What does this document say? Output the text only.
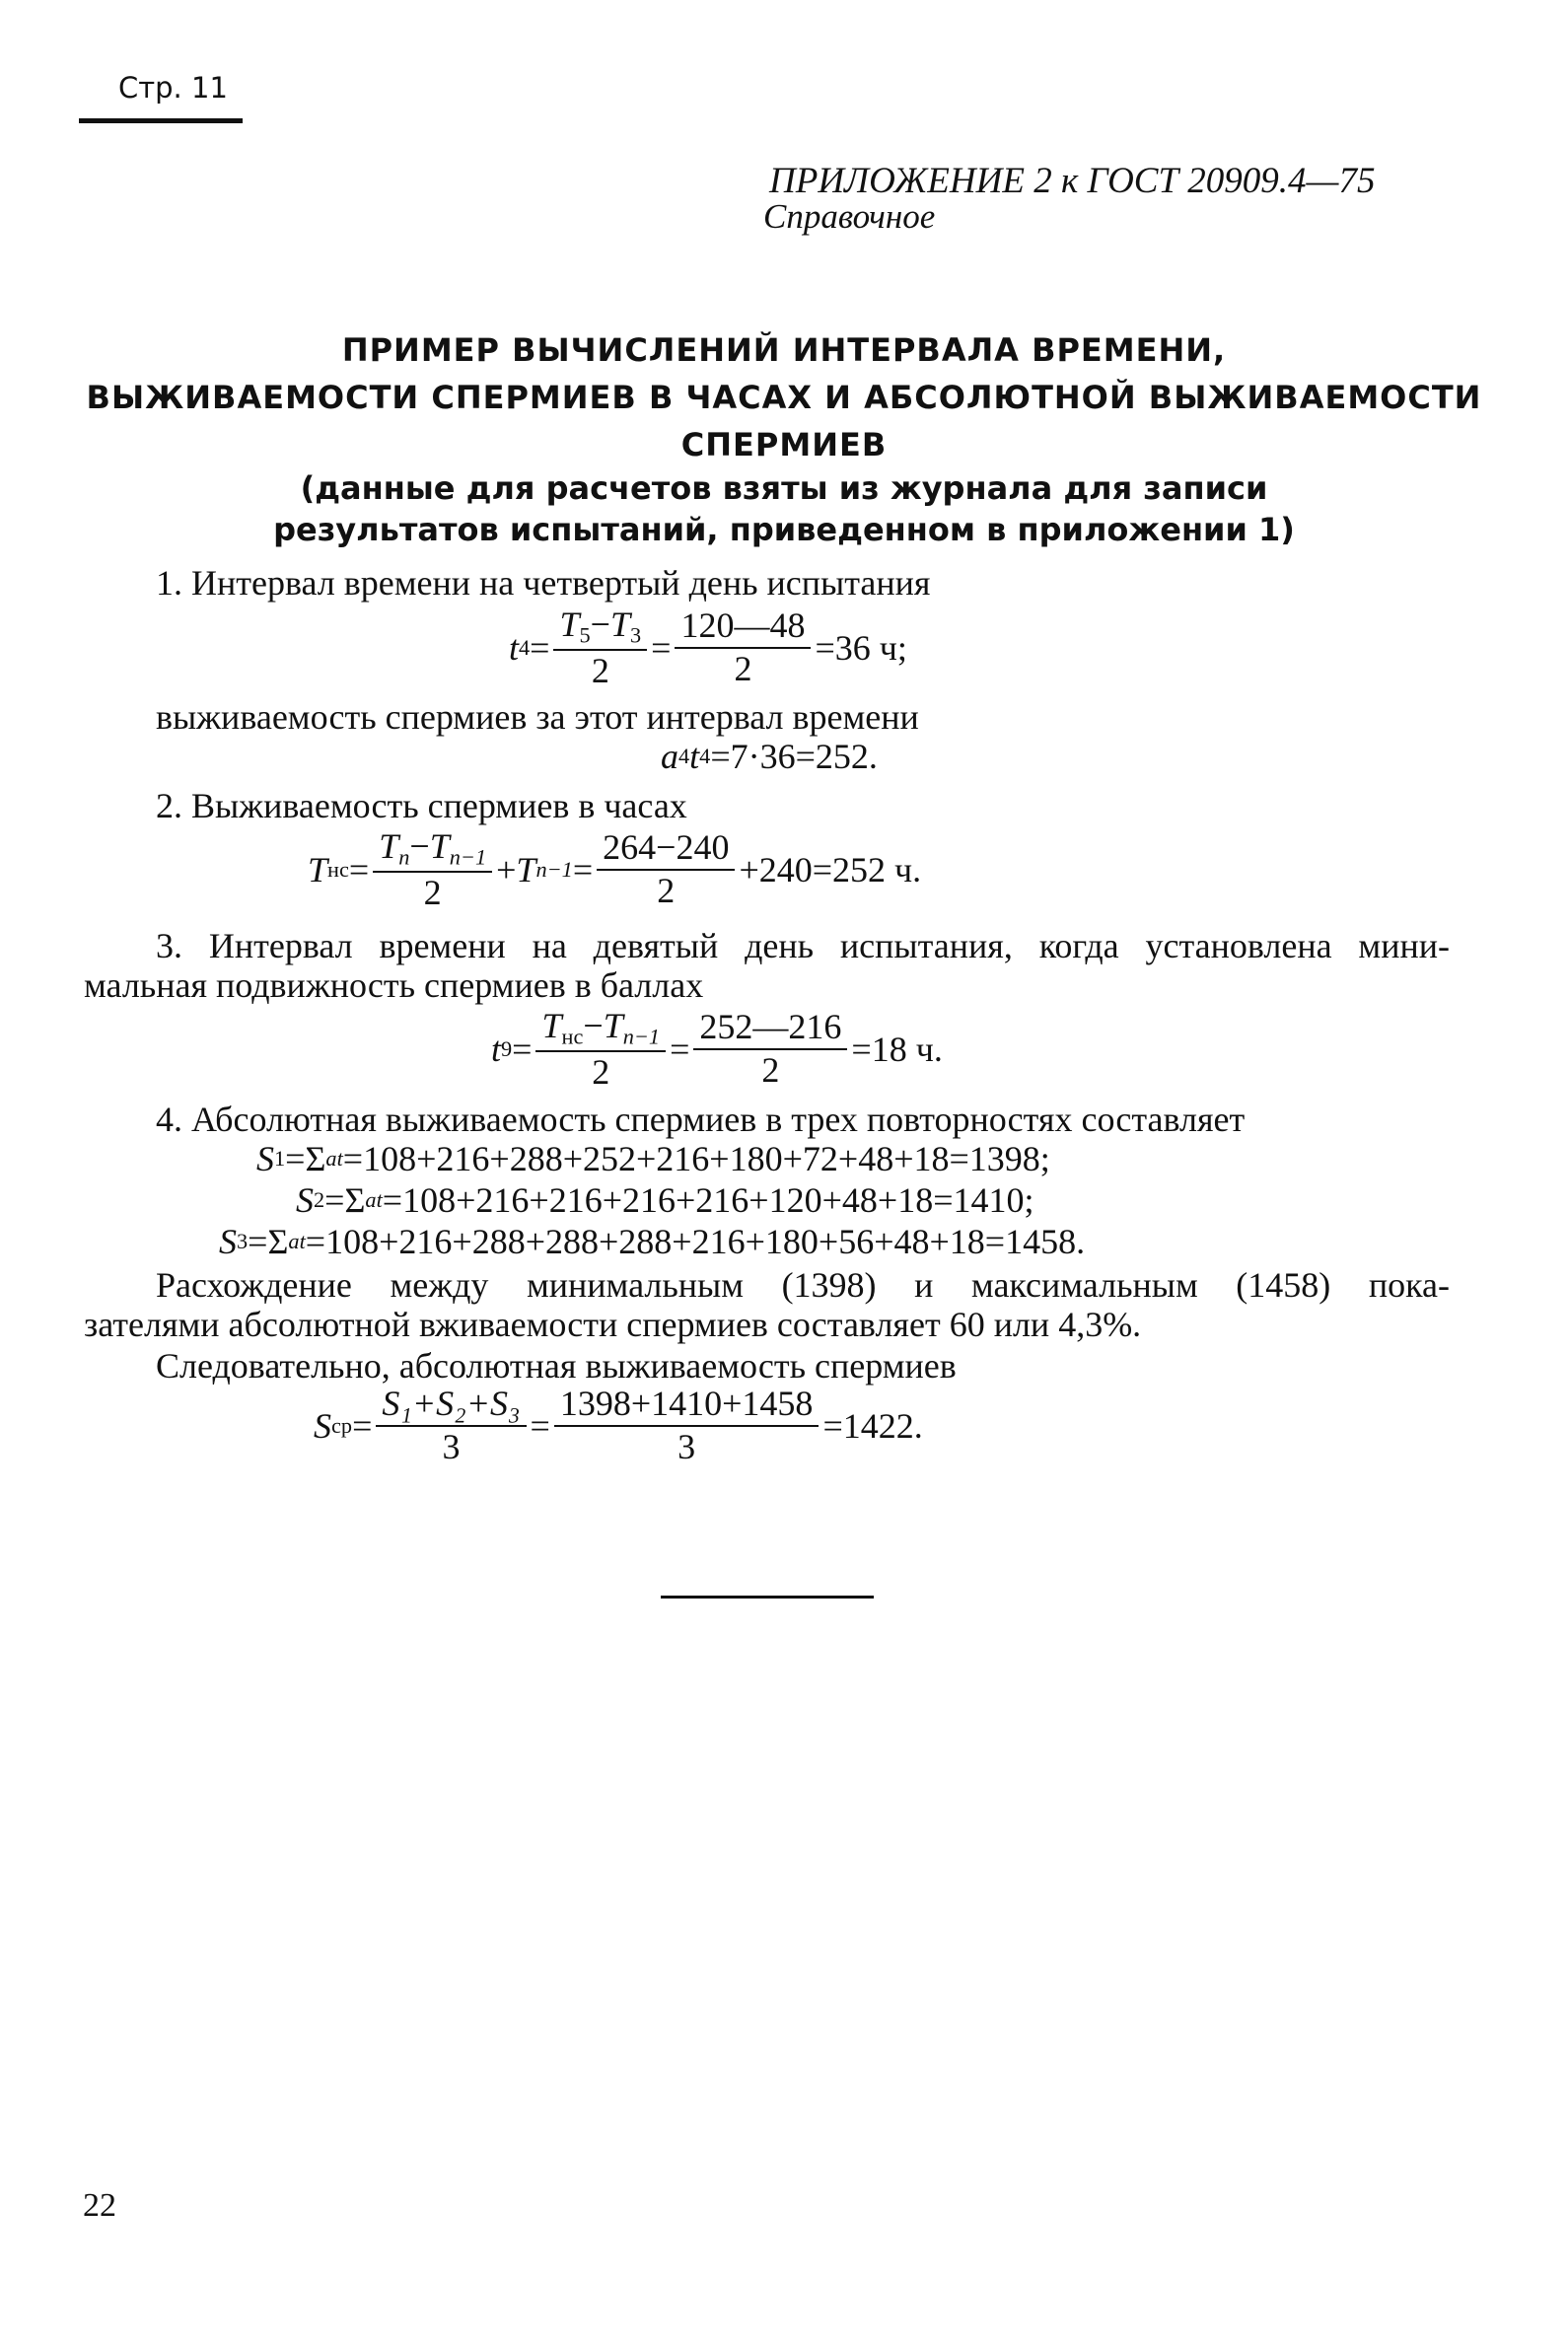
Стр. 11
ПРИЛОЖЕНИЕ 2 к ГОСТ 20909.4—75
Справочное
ПРИМЕР ВЫЧИСЛЕНИЙ ИНТЕРВАЛА ВРЕМЕНИ,
ВЫЖИВАЕМОСТИ СПЕРМИЕВ В ЧАСАХ И АБСОЛЮТНОЙ ВЫЖИВАЕМОСТИ
СПЕРМИЕВ
(данные для расчетов взяты из журнала для записи
результатов испытаний, приведенном в приложении 1)
1. Интервал времени на четвертый день испытания
t $4 = \frac{T_5-T_3}{2} = \frac{120—48}{2} =36$ ч;
выживаемость спермиев за этот интервал времени
a 4 t 4 =7·36=252.
2. Выживаемость спермиев в часах
T нс = $\frac{T_n-T_{n-1}}{2} + T$ $n-1 = \frac{264-240}{2} +240=252$ ч.
3. Интервал времени на девятый день испытания, когда установлена мини-
мальная подвижность спермиев в баллах
t $9 = \frac{T_{нс}-T_{n-1}}{2} = \frac{252—216}{2} =18$ ч.
4. Абсолютная выживаемость спермиев в трех повторностях составляет
S 1 =Σ at =108+216+288+252+216+180+72+48+18=1398;
S 2 =Σ at =108+216+216+216+216+120+48+18=1410;
S 3 =Σ at =108+216+288+288+288+216+180+56+48+18=1458.
Расхождение между минимальным (1398) и максимальным (1458) пока-
зателями абсолютной вживаемости спермиев составляет 60 или 4,3%.
Следовательно, абсолютная выживаемость спермиев
S ср = $\frac{\text{S₁+S₂+S₃}}{3} = \frac{1398+1410+1458}{3} =1422$.
22
